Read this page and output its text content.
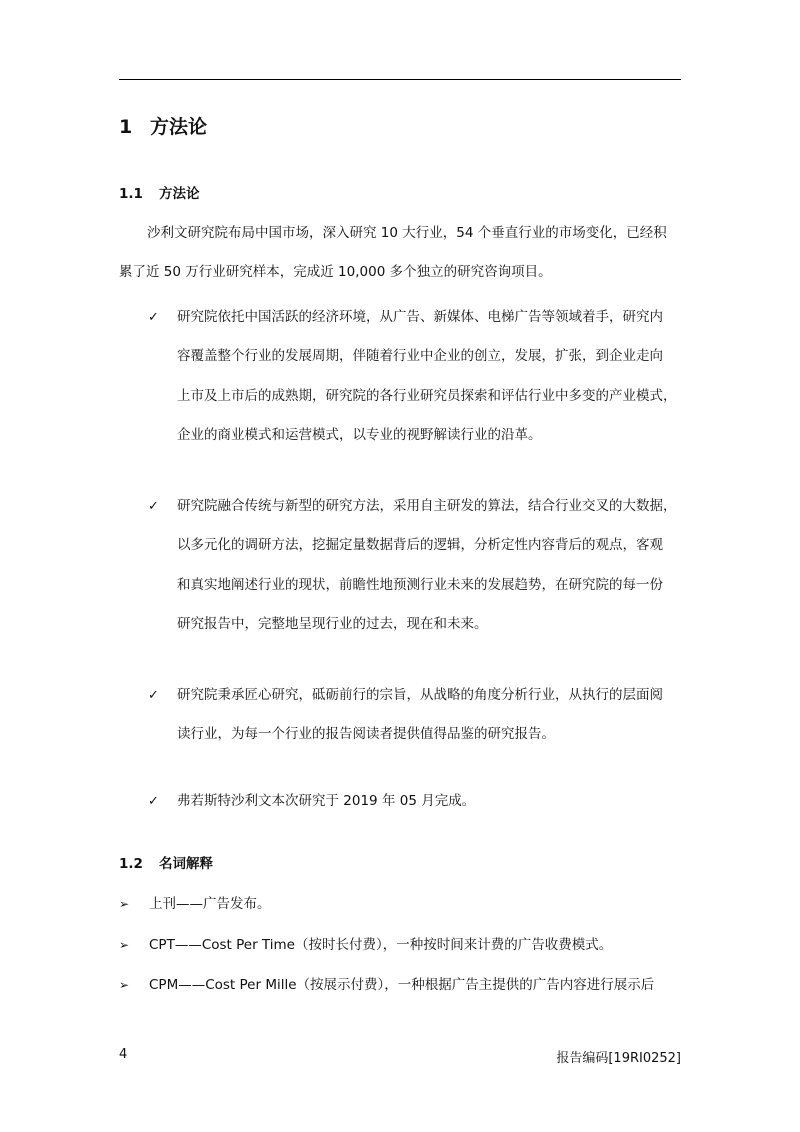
1 方法论
1.1 方法论
沙利文研究院布局中国市场，深入研究 10 大行业，54 个垂直行业的市场变化，已经积
累了近 50 万行业研究样本，完成近 10,000 多个独立的研究咨询项目。
✓	研究院依托中国活跃的经济环境，从广告、新媒体、电梯广告等领域着手，研究内
容覆盖整个行业的发展周期，伴随着行业中企业的创立，发展，扩张，到企业走向
上市及上市后的成熟期，研究院的各行业研究员探索和评估行业中多变的产业模式，
企业的商业模式和运营模式，以专业的视野解读行业的沿革。
✓	研究院融合传统与新型的研究方法，采用自主研发的算法，结合行业交叉的大数据，
以多元化的调研方法，挖掘定量数据背后的逻辑，分析定性内容背后的观点，客观
和真实地阐述行业的现状，前瞻性地预测行业未来的发展趋势，在研究院的每一份
研究报告中，完整地呈现行业的过去，现在和未来。
✓	研究院秉承匠心研究，砥砺前行的宗旨，从战略的角度分析行业，从执行的层面阅
读行业，为每一个行业的报告阅读者提供值得品鉴的研究报告。
✓	弗若斯特沙利文本次研究于 2019 年 05 月完成。
1.2 名词解释
➢ 上刊——广告发布。
➢ CPT——Cost Per Time（按时长付费），一种按时间来计费的广告收费模式。
➢ CPM——Cost Per Mille（按展示付费），一种根据广告主提供的广告内容进行展示后
4	报告编码[19RI0252]
